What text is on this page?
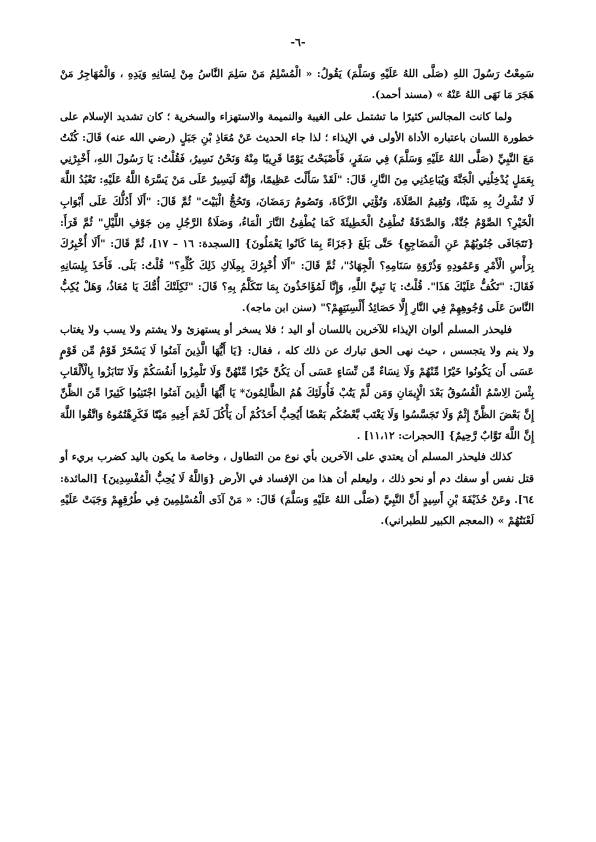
-٦-

سَمِعْتُ رَسُولَ اللهِ (صَلَّى اللهُ عَلَيْهِ وَسَلَّمَ) يَقُولُ: « الْمُسْلِمُ مَنْ سَلِمَ النَّاسُ مِنْ لِسَانِهِ وَيَدِهِ ، وَالْمُهَاجِرُ مَنْ هَجَرَ مَا نَهَى اللهُ عَنْهُ » (مسند أحمد).

ولما كانت المجالس كثيرًا ما تشتمل على الغيبة والنميمة والاستهزاء والسخرية ؛ كان تشديد الإسلام على خطورة اللسان باعتباره الأداة الأولى في الإيذاء ؛ لذا جاء الحديث عَنْ مُعَاذِ بْنِ جَبَلٍ (رضي الله عنه) قَالَ: كُنْتُ مَعَ النَّبِيِّ (صَلَّى اللهُ عَلَيْهِ وَسَلَّمَ) فِي سَفَرٍ، فَأَصْبَحْتُ يَوْمًا قَرِيبًا مِنْهُ وَنَحْنُ نَسِيرُ، فَقُلْتُ: يَا رَسُولَ اللهِ، أَخْبِرْنِي بِعَمَلٍ يُدْخِلُنِي الْجَنَّةَ وَيُبَاعِدُنِي مِنَ النَّارِ، قَالَ: "لَقَدْ سَأَلْتَ عَظِيمًا، وَإِنَّهُ لَيَسِيرٌ عَلَى مَنْ يَسَّرَهُ اللَّهُ عَلَيْهِ: تَعْبُدُ اللَّهَ لَا تُشْرِكُ بِهِ شَيْئًا، وَتُقِيمُ الصَّلَاةَ، وَتُؤْتِي الزَّكَاةَ، وَتَصُومُ رَمَضَانَ، وَتَحُجُّ الْبَيْتَ" ثُمَّ قَالَ: "أَلَا أَدُلُّكَ عَلَى أَبْوَابِ الْخَيْرِ؟ الصَّوْمُ جُنَّةٌ، وَالصَّدَقَةُ تُطْفِئُ الْخَطِيئَةَ كَمَا يُطْفِئُ النَّارَ الْمَاءُ، وَصَلَاةُ الرَّجُلِ مِن جَوْفِ اللَّيْلِ" ثُمَّ قَرَأَ: {تَتَجَافَى جُنُوبُهُمْ عَنِ الْمَضَاجِعِ} حَتَّى بَلَغَ {جَزَاءً بِمَا كَانُوا يَعْمَلُونَ} [السجدة: ١٦ – ١٧]، ثُمَّ قَالَ: "أَلَا أُخْبِرُكَ بِرَأْسِ الْأَمْرِ وَعَمُودِهِ وَذُرْوَةِ سَنَامِهِ؟ الْجِهَادُ"، ثُمَّ قَالَ: "أَلَا أُخْبِرُكَ بِمِلَاكِ ذَلِكَ كُلِّهِ؟" قُلْتُ: بَلَى. فَأَخَذَ بِلِسَانِهِ فَقَالَ: "تَكُفُّ عَلَيْكَ هَذَا". قُلْتُ: يَا نَبِيَّ اللَّهِ، وَإِنَّا لَمُؤَاخَذُونَ بِمَا نَتَكَلَّمُ بِهِ؟ قَالَ: "ثَكِلَتْكَ أُمُّكَ يَا مُعَاذُ، وَهَلْ يُكِبُّ النَّاسَ عَلَى وُجُوهِهِمْ فِي النَّارِ إِلَّا حَصَائِدُ أَلْسِنَتِهِمْ؟" (سنن ابن ماجه).

فليحذر المسلم ألوان الإيذاء للآخرين باللسان أو اليد ؛ فلا يسخر أو يستهزئ ولا يشتم ولا يسب ولا يغتاب ولا ينم ولا يتجسس ، حيث نهى الحق تبارك عن ذلك كله ، فقال: {يَا أَيُّهَا الَّذِينَ آمَنُوا لَا يَسْخَرْ قَوْمٌ مِّن قَوْمٍ عَسَى أَن يَكُونُوا خَيْرًا مِّنْهُمْ وَلَا نِسَاءٌ مِّن نِّسَاءٍ عَسَى أَن يَكُنَّ خَيْرًا مِّنْهُنَّ وَلَا تَلْمِزُوا أَنفُسَكُمْ وَلَا تَنَابَزُوا بِالْأَلْقَابِ بِئْسَ الِاسْمُ الْفُسُوقُ بَعْدَ الْإِيمَانِ وَمَن لَّمْ يَتُبْ فَأُولَئِكَ هُمُ الظَّالِمُونَ* يَا أَيُّهَا الَّذِينَ آمَنُوا اجْتَنِبُوا كَثِيرًا مِّنَ الظَّنِّ إِنَّ بَعْضَ الظَّنِّ إِثْمٌ وَلَا تَجَسَّسُوا وَلَا يَغْتَب بَّعْضُكُم بَعْضًا أَيُحِبُّ أَحَدُكُمْ أَن يَأْكُلَ لَحْمَ أَخِيهِ مَيْتًا فَكَرِهْتُمُوهُ وَاتَّقُوا اللَّهَ إِنَّ اللَّهَ تَوَّابٌ رَّحِيمٌ} [الحجرات: ١١،١٢] .

كذلك فليحذر المسلم أن يعتدي على الآخرين بأي نوع من التطاول ، وخاصة ما يكون باليد كضرب بريء أو قتل نفس أو سفك دم أو نحو ذلك ، وليعلم أن هذا من الإفساد في الأرض {وَاللَّهُ لَا يُحِبُّ الْمُفْسِدِينَ} [المائدة: ٦٤]. وعَنْ حُذَيْفَةَ بْنِ أَسِيدٍ أَنَّ النَّبِيَّ (صَلَّى اللهُ عَلَيْهِ وَسَلَّمَ) قَالَ: « مَنْ آذَى الْمُسْلِمِينَ فِي طُرُقِهِمْ وَجَبَتْ عَلَيْهِ لَعْنَتُهُمْ » (المعجم الكبير للطبراني).
